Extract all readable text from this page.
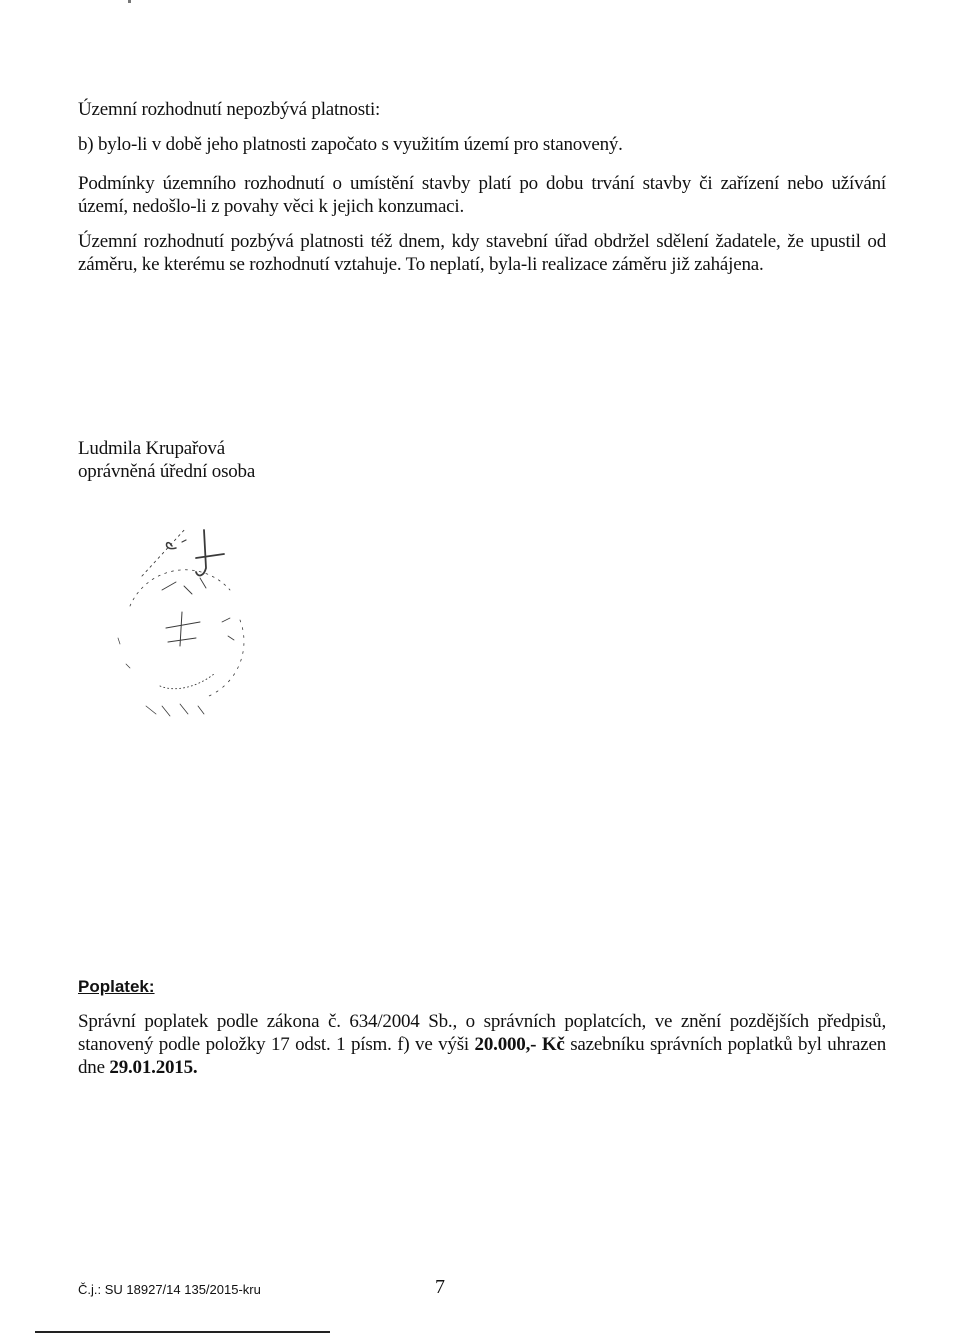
Územní rozhodnutí nepozbývá platnosti:

b) bylo-li v době jeho platnosti započato s využitím území pro stanovený.

Podmínky územního rozhodnutí o umístění stavby platí po dobu trvání stavby či zařízení nebo užívání území, nedošlo-li z povahy věci k jejich konzumaci.

Územní rozhodnutí pozbývá platnosti též dnem, kdy stavební úřad obdržel sdělení žadatele, že upustil od záměru, ke kterému se rozhodnutí vztahuje. To neplatí, byla-li realizace záměru již zahájena.

Ludmila Krupařová
oprávněná úřední osoba
Poplatek:

Správní poplatek podle zákona č. 634/2004 Sb., o správních poplatcích, ve znění pozdějších předpisů, stanovený podle položky 17 odst. 1 písm. f) ve výši 20.000,- Kč sazebníku správních poplatků byl uhrazen dne 29.01.2015.

Č.j.: SU 18927/14 135/2015-kru	7
